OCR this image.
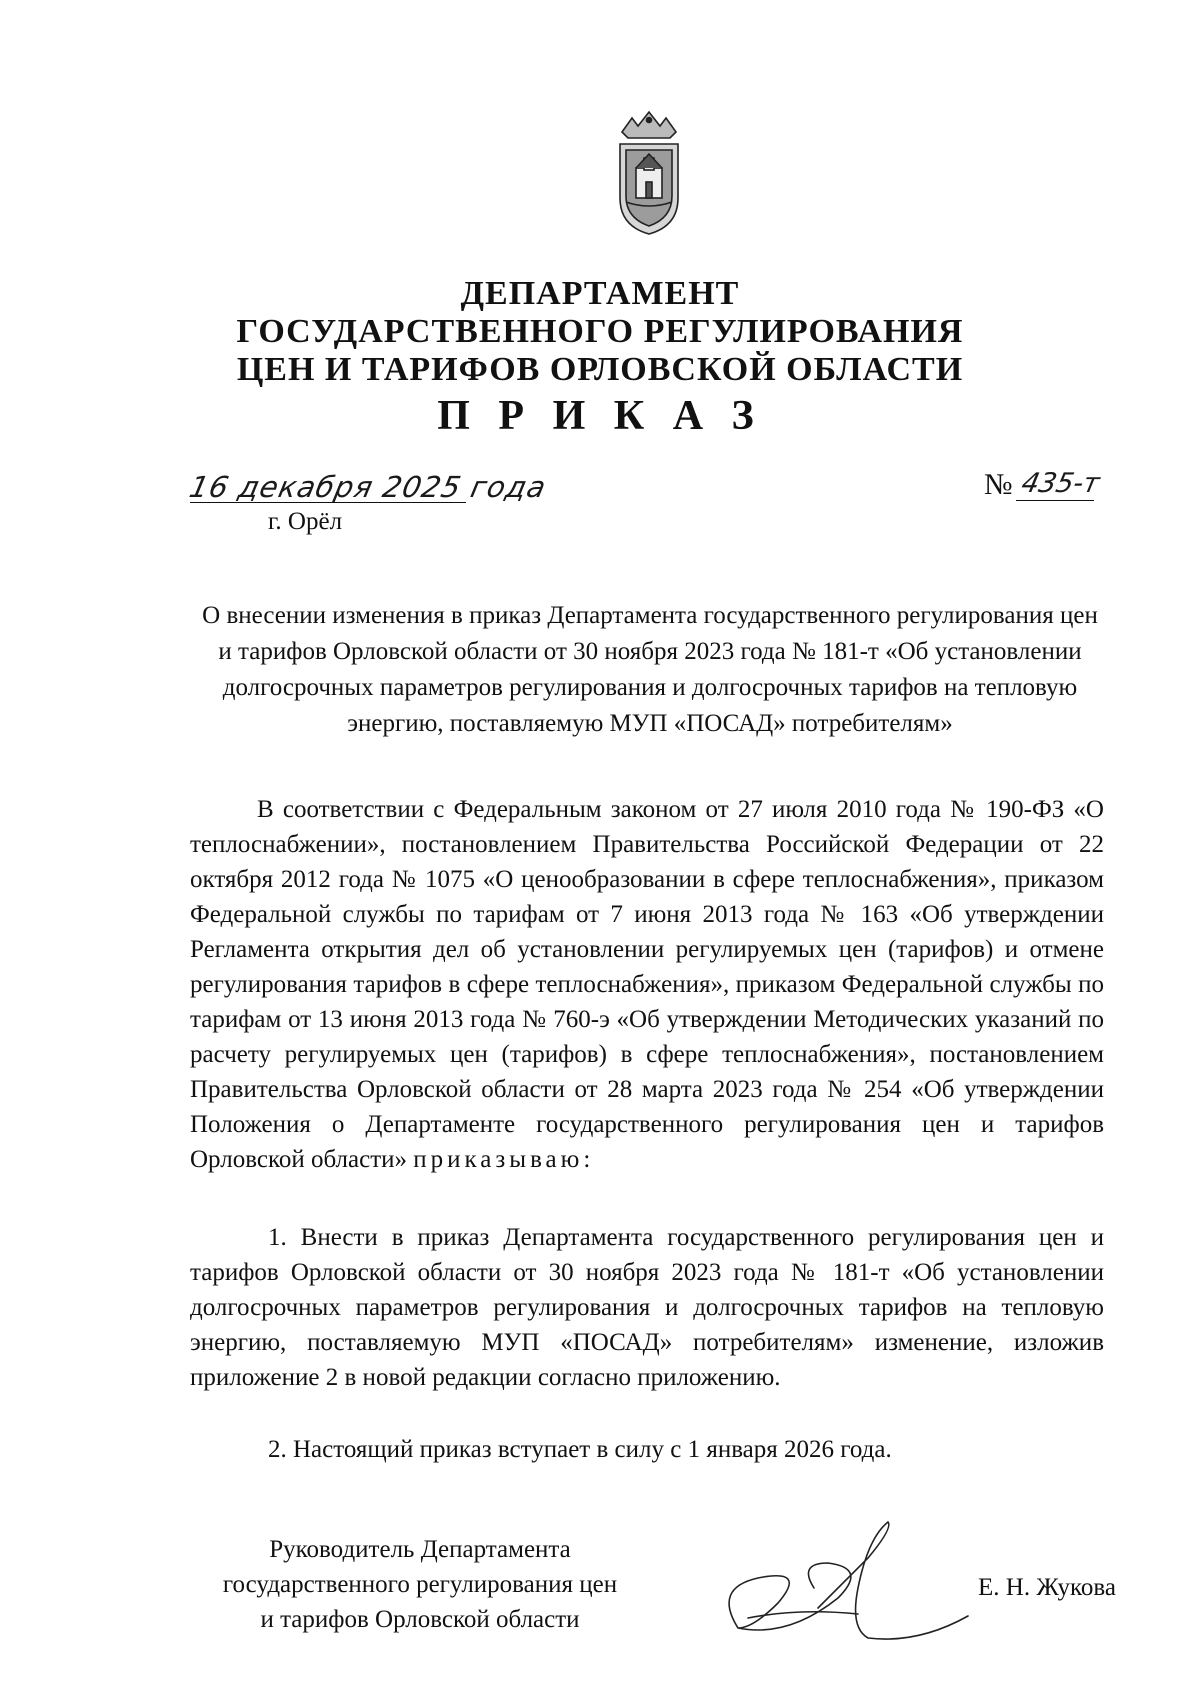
ДЕПАРТАМЕНТ
ГОСУДАРСТВЕННОГО РЕГУЛИРОВАНИЯ
ЦЕН И ТАРИФОВ ОРЛОВСКОЙ ОБЛАСТИ
П Р И К А З
16 декабря 2025 года	№ 435-т
г. Орёл
О внесении изменения в приказ Департамента государственного регулирования цен и тарифов Орловской области от 30 ноября 2023 года № 181-т «Об установлении долгосрочных параметров регулирования и долгосрочных тарифов на тепловую энергию, поставляемую МУП «ПОСАД» потребителям»
В соответствии с Федеральным законом от 27 июля 2010 года № 190-ФЗ «О теплоснабжении», постановлением Правительства Российской Федерации от 22 октября 2012 года № 1075 «О ценообразовании в сфере теплоснабжения», приказом Федеральной службы по тарифам от 7 июня 2013 года № 163 «Об утверждении Регламента открытия дел об установлении регулируемых цен (тарифов) и отмене регулирования тарифов в сфере теплоснабжения», приказом Федеральной службы по тарифам от 13 июня 2013 года № 760-э «Об утверждении Методических указаний по расчету регулируемых цен (тарифов) в сфере теплоснабжения», постановлением Правительства Орловской области от 28 марта 2023 года № 254 «Об утверждении Положения о Департаменте государственного регулирования цен и тарифов Орловской области» приказываю:
1. Внести в приказ Департамента государственного регулирования цен и тарифов Орловской области от 30 ноября 2023 года № 181-т «Об установлении долгосрочных параметров регулирования и долгосрочных тарифов на тепловую энергию, поставляемую МУП «ПОСАД» потребителям» изменение, изложив приложение 2 в новой редакции согласно приложению.
2. Настоящий приказ вступает в силу с 1 января 2026 года.
Руководитель Департамента
государственного регулирования цен
и тарифов Орловской области
Е. Н. Жукова
